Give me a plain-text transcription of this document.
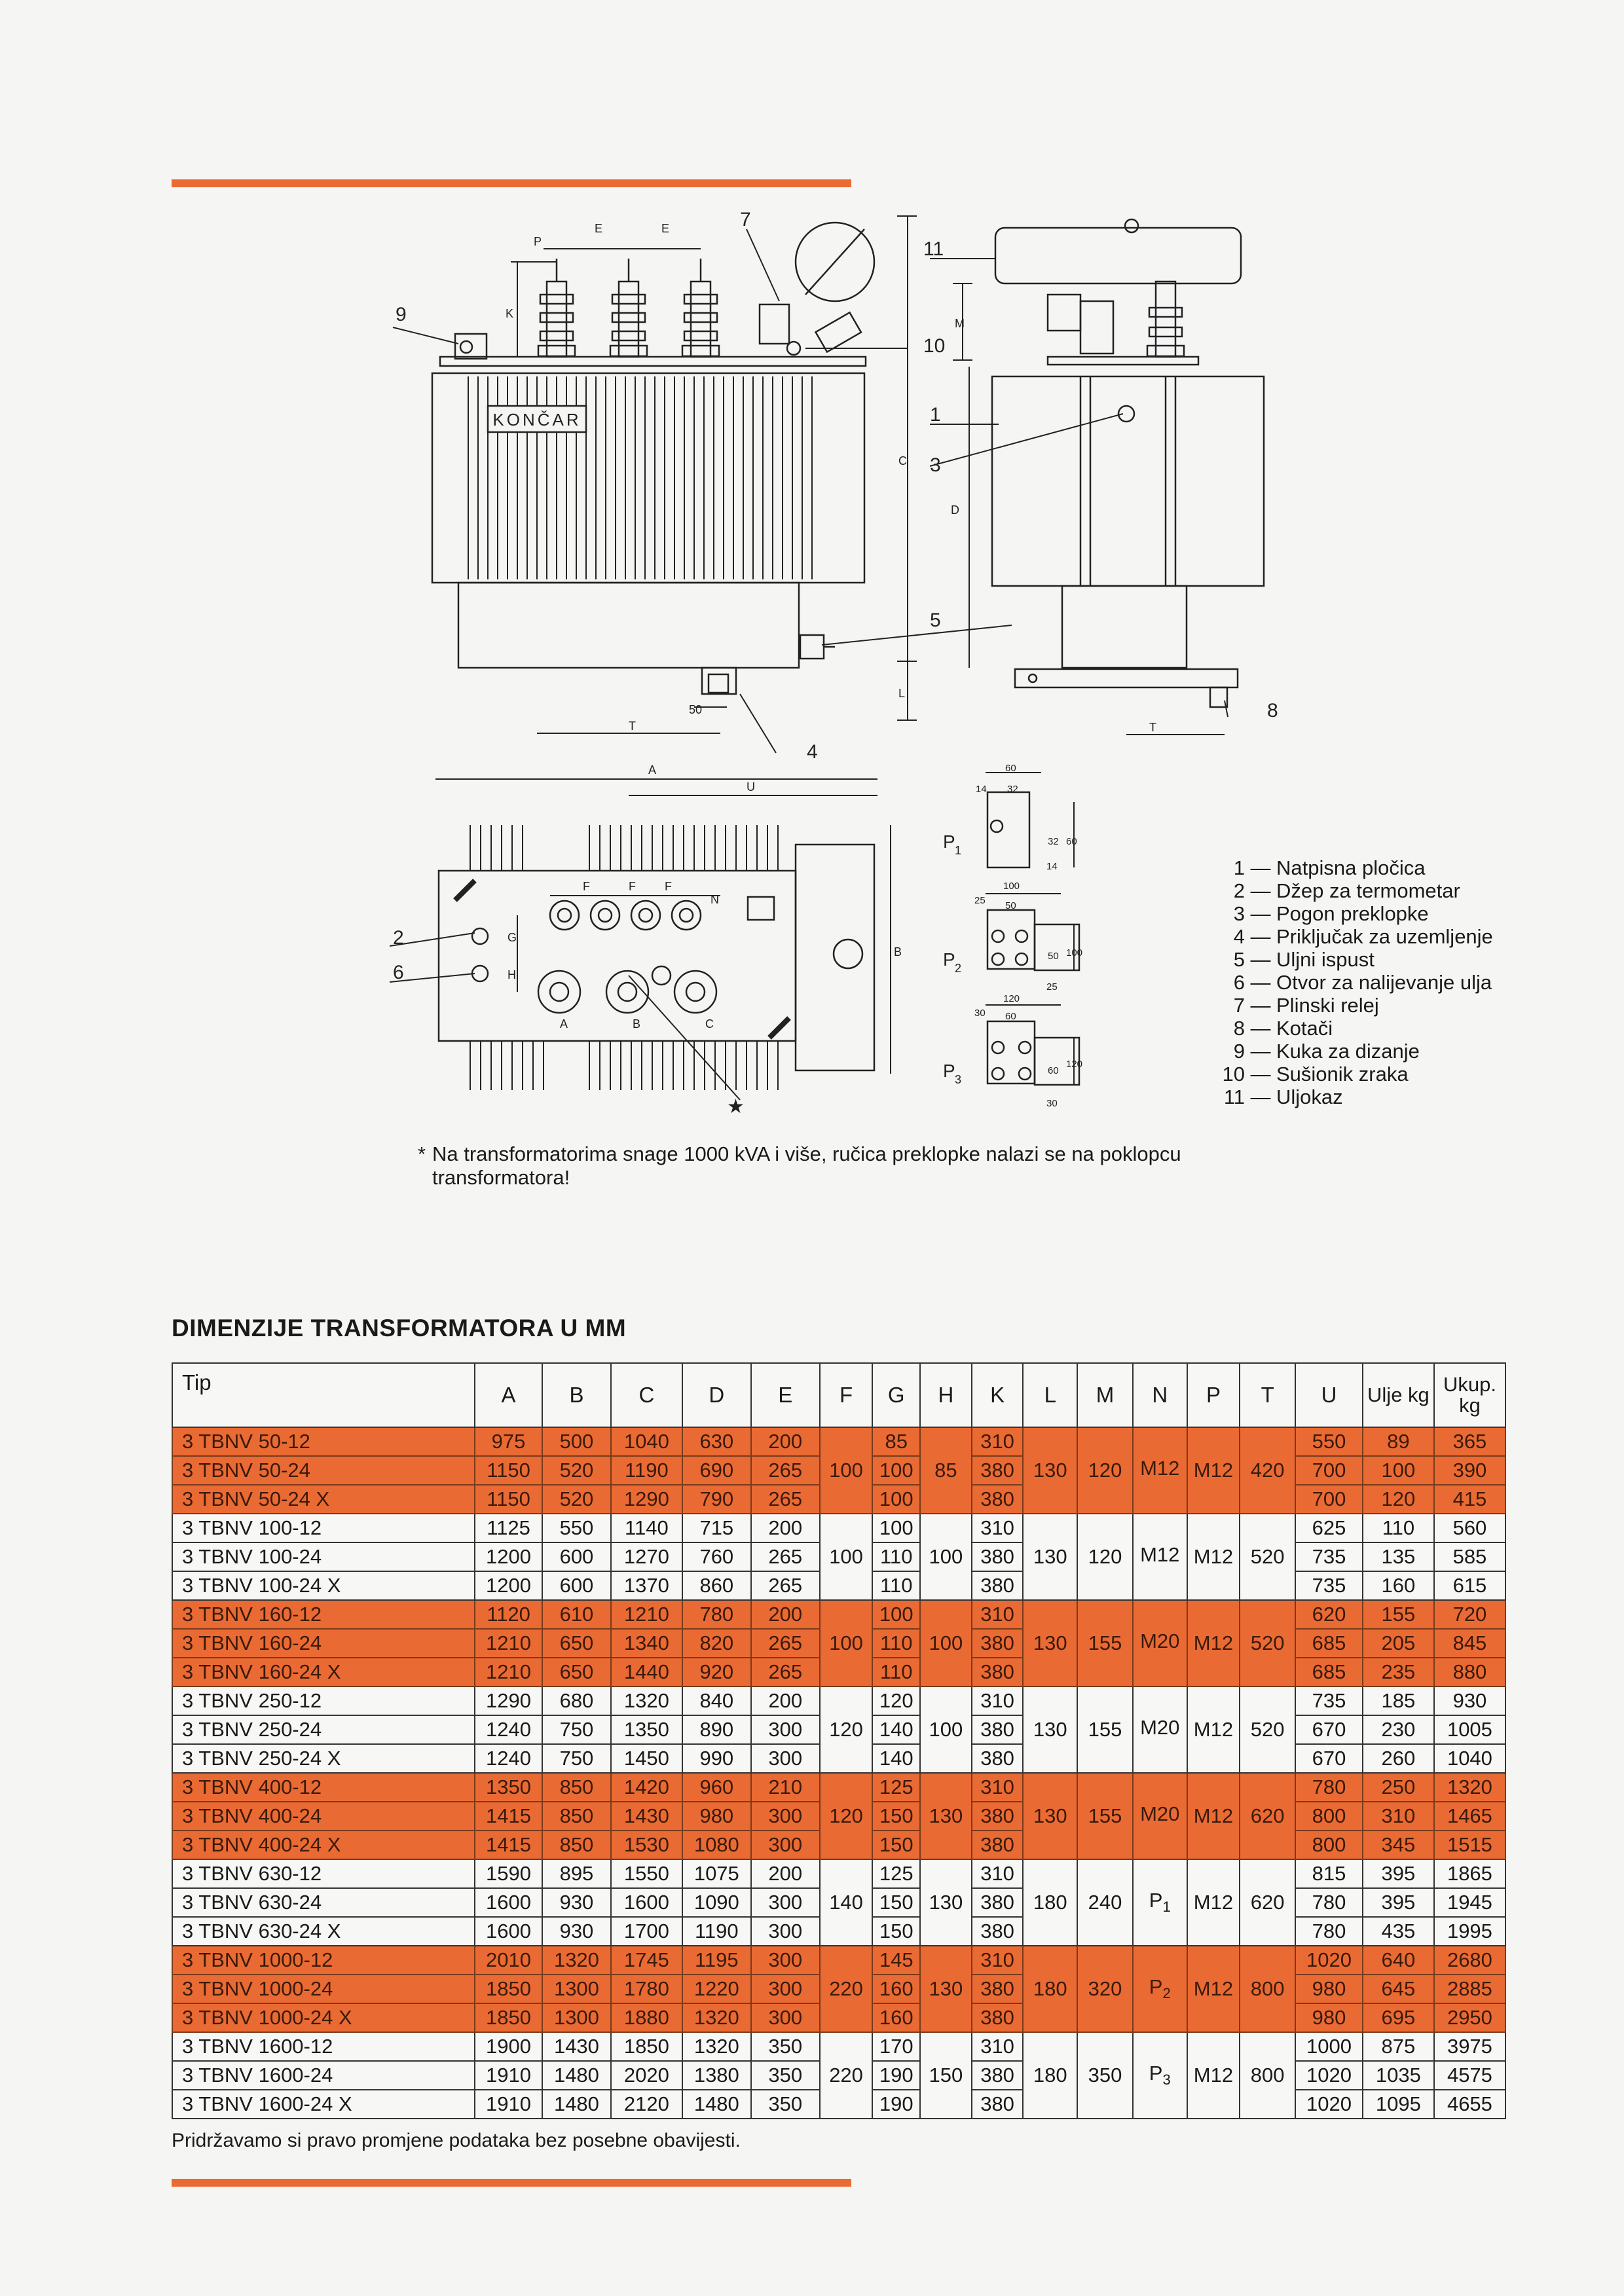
KONČAR
P
E	E
K
C
L
T
50
M
D
T
1
2
3
4
5
6
7
8
9
10
11
A
U
B
F	F F
G
H
N
A	B	C
★
P 1
60
32
14
32 60
14
P 2
100
50
25
50 100
25
P 3
120
60
30
60
120
30
1 — Natpisna pločica
2 — Džep za termometar
3 — Pogon preklopke
4 — Priključak za uzemljenje
5 — Uljni ispust
6 — Otvor za nalijevanje ulja
7 — Plinski relej
8 — Kotači
9 — Kuka za dizanje
10 — Sušionik zraka
11 — Uljokaz
* Na transformatorima snage 1000 kVA i više, ručica preklopke nalazi se na poklopcu transformatora!
DIMENZIJE TRANSFORMATORA U MM
Tip	A	B	C	D	E	F	G	H	K	L	M	N	P	T	U	Ulje kg	Ukup. kg
3 TBNV 50-12	975	500	1040	630	200	100	85	85	310	130	120	M12	M12	420	550	89	365
3 TBNV 50-24	1150	520	1190	690	265		100		380						700	100	390
3 TBNV 50-24 X	1150	520	1290	790	265		100		380						700	120	415
3 TBNV 100-12	1125	550	1140	715	200	100	100	100	310	130	120	M12	M12	520	625	110	560
3 TBNV 100-24	1200	600	1270	760	265		110		380						735	135	585
3 TBNV 100-24 X	1200	600	1370	860	265		110		380						735	160	615
3 TBNV 160-12	1120	610	1210	780	200	100	100	100	310	130	155	M20	M12	520	620	155	720
3 TBNV 160-24	1210	650	1340	820	265		110		380						685	205	845
3 TBNV 160-24 X	1210	650	1440	920	265		110		380						685	235	880
3 TBNV 250-12	1290	680	1320	840	200	120	120	100	310	130	155	M20	M12	520	735	185	930
3 TBNV 250-24	1240	750	1350	890	300		140		380						670	230	1005
3 TBNV 250-24 X	1240	750	1450	990	300		140		380						670	260	1040
3 TBNV 400-12	1350	850	1420	960	210	120	125	130	310	130	155	M20	M12	620	780	250	1320
3 TBNV 400-24	1415	850	1430	980	300		150		380						800	310	1465
3 TBNV 400-24 X	1415	850	1530	1080	300		150		380						800	345	1515
3 TBNV 630-12	1590	895	1550	1075	200	140	125	130	310	180	240	$P_1$	M12	620	815	395	1865
3 TBNV 630-24	1600	930	1600	1090	300		150		380						780	395	1945
3 TBNV 630-24 X	1600	930	1700	1190	300		150		380						780	435	1995
3 TBNV 1000-12	2010	1320	1745	1195	300	220	145	130	310	180	320	$P_2$	M12	800	1020	640	2680
3 TBNV 1000-24	1850	1300	1780	1220	300		160		380						980	645	2885
3 TBNV 1000-24 X	1850	1300	1880	1320	300		160		380						980	695	2950
3 TBNV 1600-12	1900	1430	1850	1320	350	220	170	150	310	180	350	$P_3$	M12	800	1000	875	3975
3 TBNV 1600-24	1910	1480	2020	1380	350		190		380						1020	1035	4575
3 TBNV 1600-24 X	1910	1480	2120	1480	350		190		380						1020	1095	4655
Pridržavamo si pravo promjene podataka bez posebne obavijesti.
